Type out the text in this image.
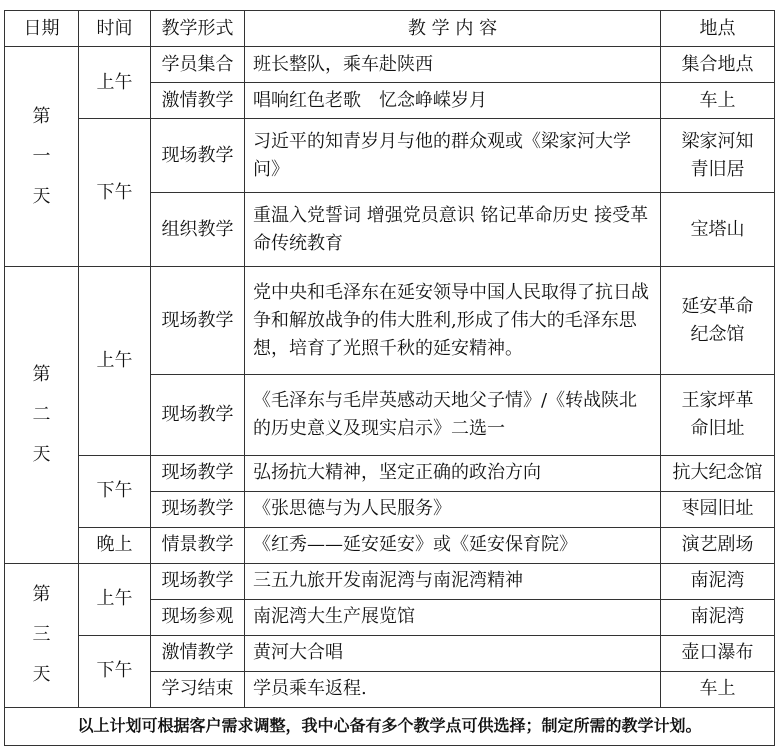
日期	时间	教学形式	教 学 内 容	地点

第
一
天	上午	学员集合	班长整队，乘车赴陕西	集合地点
		激情教学	唱响红色老歌　忆念峥嵘岁月	车上
	下午	现场教学	习近平的知青岁月与他的群众观或《梁家河大学问》	梁家河知青旧居
		组织教学	重温入党誓词 增强党员意识 铭记革命历史 接受革命传统教育	宝塔山

第
二
天	上午	现场教学	党中央和毛泽东在延安领导中国人民取得了抗日战争和解放战争的伟大胜利,形成了伟大的毛泽东思想，培育了光照千秋的延安精神。	延安革命纪念馆
		现场教学	《毛泽东与毛岸英感动天地父子情》/《转战陕北的历史意义及现实启示》二选一	王家坪革命旧址
	下午	现场教学	弘扬抗大精神，坚定正确的政治方向	抗大纪念馆
		现场教学	《张思德与为人民服务》	枣园旧址
	晚上	情景教学	《红秀——延安延安》或《延安保育院》	演艺剧场

第
三
天	上午	现场教学	三五九旅开发南泥湾与南泥湾精神	南泥湾
		现场参观	南泥湾大生产展览馆	南泥湾
	下午	激情教学	黄河大合唱	壶口瀑布
		学习结束	学员乘车返程.	车上
以上计划可根据客户需求调整，我中心备有多个教学点可供选择；制定所需的教学计划。				
